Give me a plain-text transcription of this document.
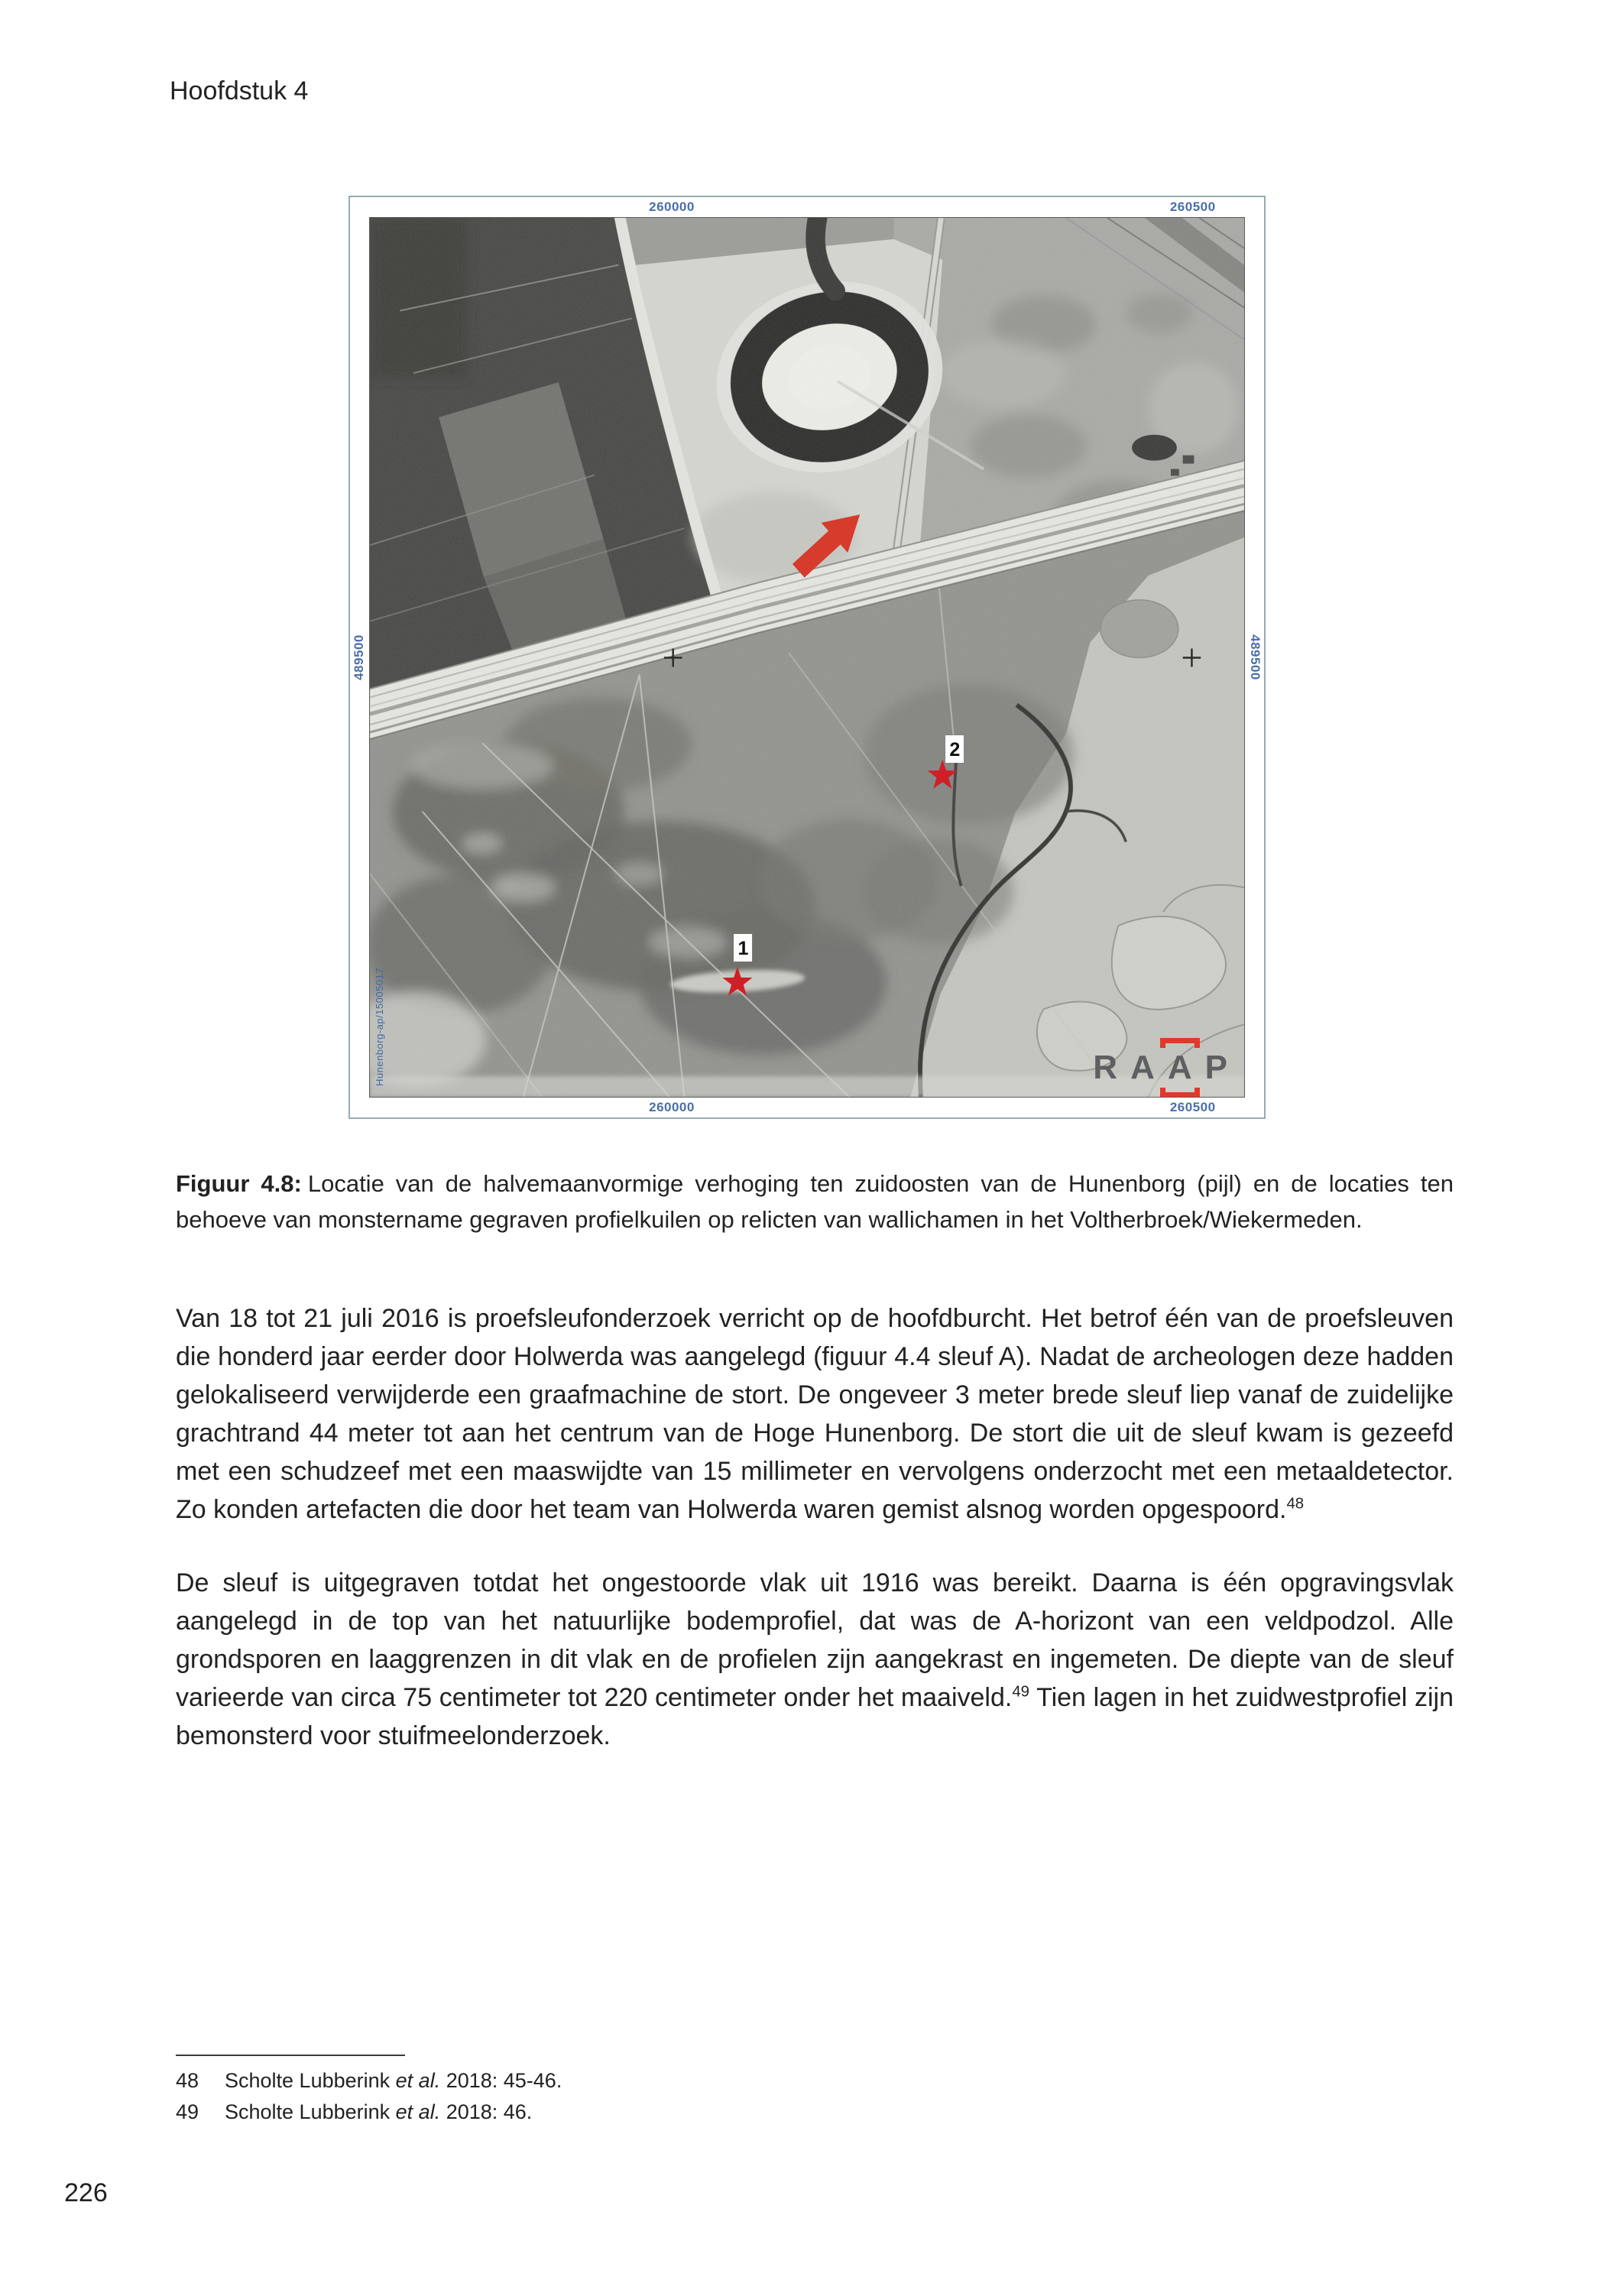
Hoofdstuk 4
260000	260500
260000	260500
489500	489500
2
1
Hunenborg-ap/15005017	R A A P

Figuur 4.8: Locatie van de halvemaanvormige verhoging ten zuidoosten van de Hunenborg (pijl) en de locaties ten behoeve van monstername gegraven profielkuilen op relicten van wallichamen in het Voltherbroek/Wiekermeden.

Van 18 tot 21 juli 2016 is proefsleufonderzoek verricht op de hoofdburcht. Het betrof één van de proefsleuven die honderd jaar eerder door Holwerda was aangelegd (figuur 4.4 sleuf A). Nadat de archeologen deze hadden gelokaliseerd verwijderde een graafmachine de stort. De ongeveer 3 meter brede sleuf liep vanaf de zuidelijke grachtrand 44 meter tot aan het centrum van de Hoge Hunenborg. De stort die uit de sleuf kwam is gezeefd met een schudzeef met een maaswijdte van 15 millimeter en vervolgens onderzocht met een metaaldetector. Zo konden artefacten die door het team van Holwerda waren gemist alsnog worden opgespoord.$^{48}$

De sleuf is uitgegraven totdat het ongestoorde vlak uit 1916 was bereikt. Daarna is één opgravingsvlak aangelegd in de top van het natuurlijke bodemprofiel, dat was de A-horizont van een veldpodzol. Alle grondsporen en laaggrenzen in dit vlak en de profielen zijn aangekrast en ingemeten. De diepte van de sleuf varieerde van circa 75 centimeter tot 220 centimeter onder het maaiveld.$^{49}$ Tien lagen in het zuidwestprofiel zijn bemonsterd voor stuifmeelonderzoek.

48	Scholte Lubberink et al. 2018: 45-46.
49	Scholte Lubberink et al. 2018: 46.
226
